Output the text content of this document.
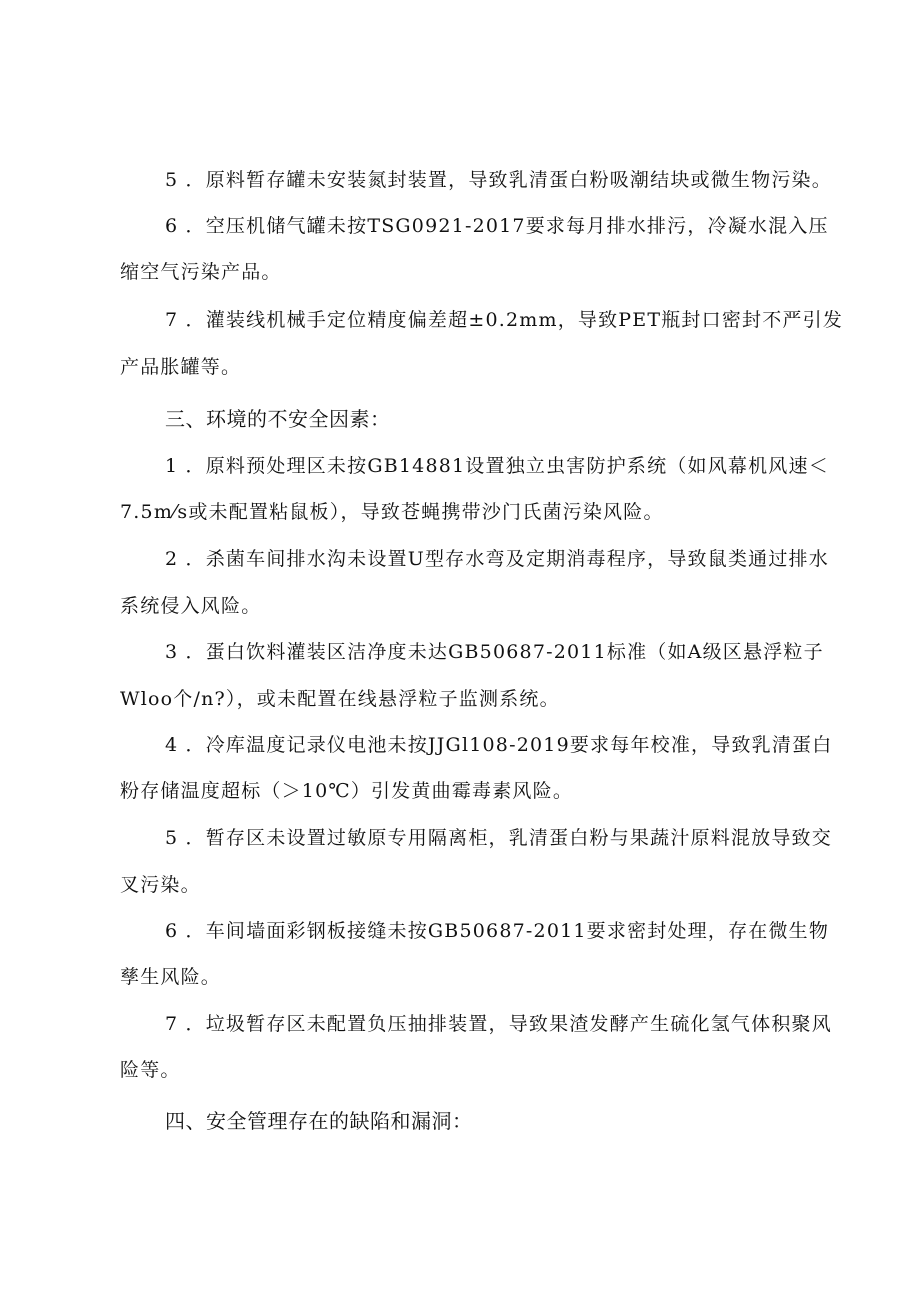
5 ．原料暂存罐未安装氮封装置，导致乳清蛋白粉吸潮结块或微生物污染。
6 ．空压机储气罐未按TSG0921-2017要求每月排水排污，冷凝水混入压
缩空气污染产品。
7 ．灌装线机械手定位精度偏差超±0.2mm，导致PET瓶封口密封不严引发
产品胀罐等。
三、环境的不安全因素：
1 ．原料预处理区未按GB14881设置独立虫害防护系统（如风幕机风速＜
7.5m⁄s或未配置粘鼠板），导致苍蝇携带沙门氏菌污染风险。
2 ．杀菌车间排水沟未设置U型存水弯及定期消毒程序，导致鼠类通过排水
系统侵入风险。
3 ．蛋白饮料灌装区洁净度未达GB50687-2011标准（如A级区悬浮粒子
Wloo个/n?），或未配置在线悬浮粒子监测系统。
4 ．冷库温度记录仪电池未按JJGl108-2019要求每年校准，导致乳清蛋白
粉存储温度超标（＞10℃）引发黄曲霉毒素风险。
5 ．暂存区未设置过敏原专用隔离柜，乳清蛋白粉与果蔬汁原料混放导致交
叉污染。
6 ．车间墙面彩钢板接缝未按GB50687-2011要求密封处理，存在微生物
孳生风险。
7 ．垃圾暂存区未配置负压抽排装置，导致果渣发酵产生硫化氢气体积聚风
险等。
四、安全管理存在的缺陷和漏洞：
